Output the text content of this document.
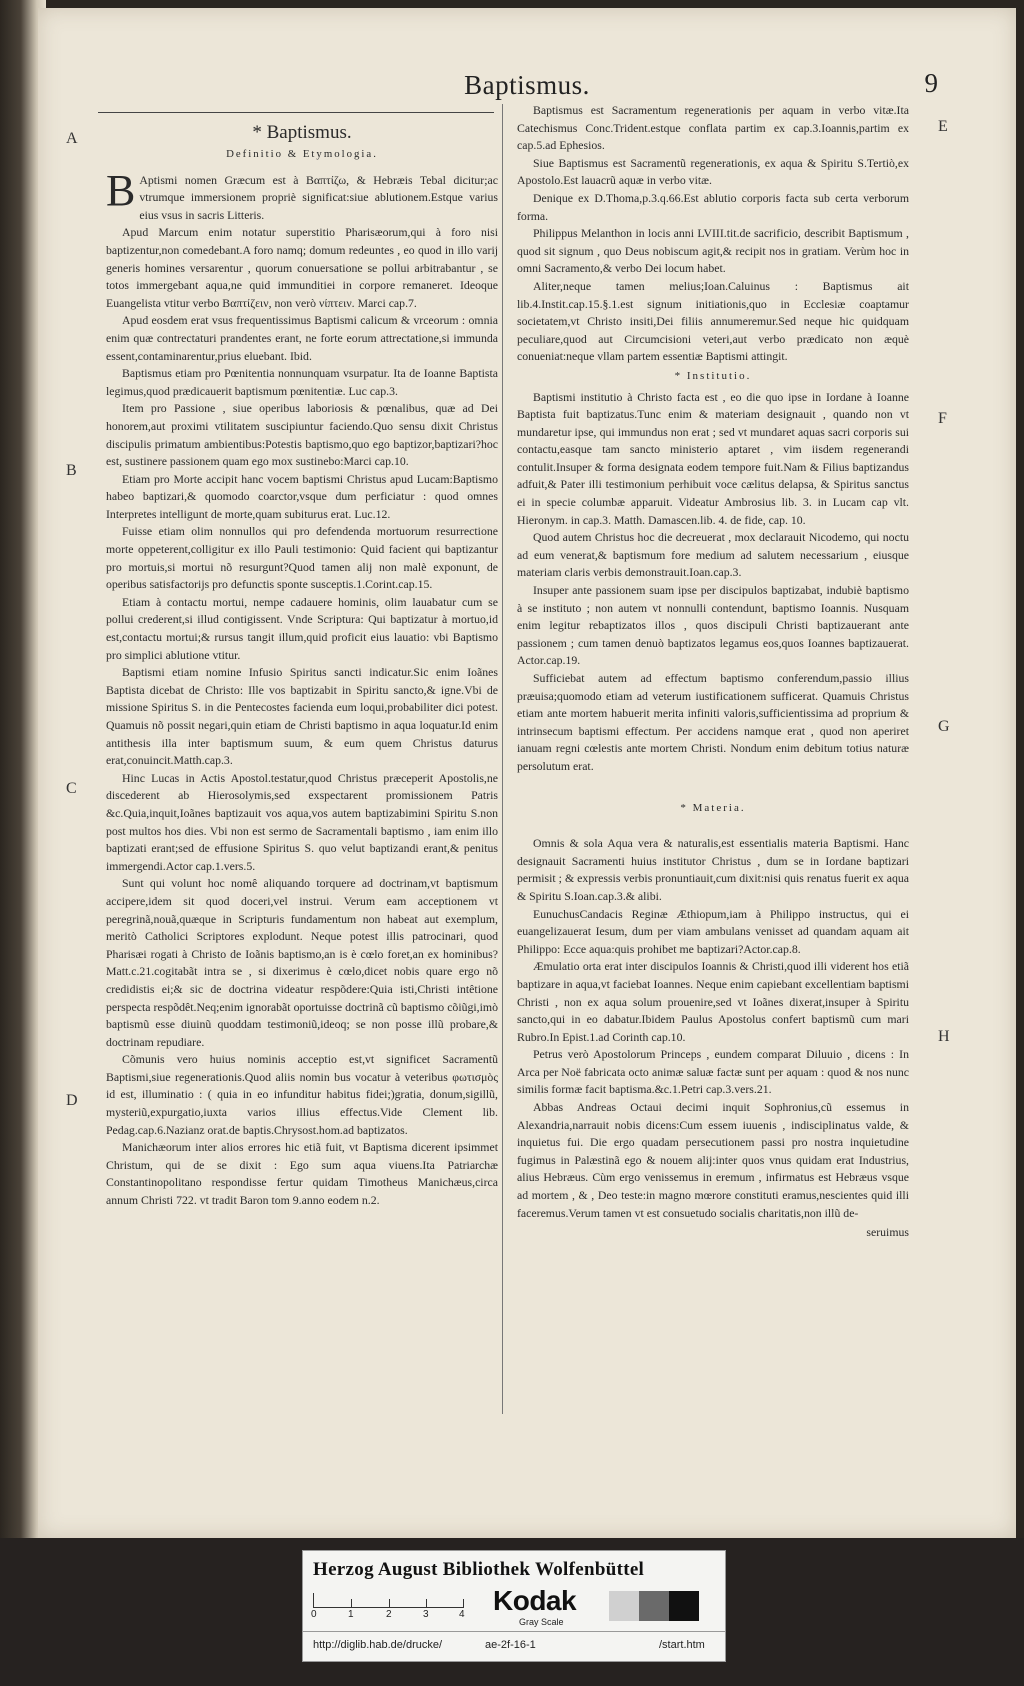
Baptismus.	9
A
B
C
D
E
F
G
H
* Baptismus.
Definitio & Etymologia.

B Aptismi nomen Græcum est à Βαπτίζω, & Hebræis Tebal dicitur;ac vtrumque immersionem propriè significat:siue ablutionem.Estque varius eius vsus in sacris Litteris.

Apud Marcum enim notatur superstitio Pharisæorum,qui à foro nisi baptizentur,non comedebant.A foro namq; domum redeuntes , eo quod in illo varij generis homines versarentur , quorum conuersatione se pollui arbitrabantur , se totos immergebant aqua,ne quid immunditiei in corpore remaneret. Ideoque Euangelista vtitur verbo Βαπτίζειν, non verò νίπτειν. Marci cap.7.

Apud eosdem erat vsus frequentissimus Baptismi calicum & vrceorum : omnia enim quæ contrectaturi prandentes erant, ne forte eorum attrectatione,si immunda essent,contaminarentur,prius eluebant. Ibid.

Baptismus etiam pro Pœnitentia nonnunquam vsurpatur. Ita de Ioanne Baptista legimus,quod prædicauerit baptismum pœnitentiæ. Luc cap.3.

Item pro Passione , siue operibus laboriosis & pœnalibus, quæ ad Dei honorem,aut proximi vtilitatem suscipiuntur faciendo.Quo sensu dixit Christus discipulis primatum ambientibus:Potestis baptismo,quo ego baptizor,baptizari?hoc est, sustinere passionem quam ego mox sustinebo:Marci cap.10.

Etiam pro Morte accipit hanc vocem baptismi Christus apud Lucam:Baptismo habeo baptizari,& quomodo coarctor,vsque dum perficiatur : quod omnes Interpretes intelligunt de morte,quam subiturus erat. Luc.12.

Fuisse etiam olim nonnullos qui pro defendenda mortuorum resurrectione morte oppeterent,colligitur ex illo Pauli testimonio: Quid facient qui baptizantur pro mortuis,si mortui nõ resurgunt?Quod tamen alij non malè exponunt, de operibus satisfactorijs pro defunctis sponte susceptis.1.Corint.cap.15.

Etiam à contactu mortui, nempe cadauere hominis, olim lauabatur cum se pollui crederent,si illud contigissent. Vnde Scriptura: Qui baptizatur à mortuo,id est,contactu mortui;& rursus tangit illum,quid proficit eius lauatio: vbi Baptismo pro simplici ablutione vtitur.

Baptismi etiam nomine Infusio Spiritus sancti indicatur.Sic enim Ioãnes Baptista dicebat de Christo: Ille vos baptizabit in Spiritu sancto,& igne.Vbi de missione Spiritus S. in die Pentecostes facienda eum loqui,probabiliter dici potest. Quamuis nõ possit negari,quin etiam de Christi baptismo in aqua loquatur.Id enim antithesis illa inter baptismum suum, & eum quem Christus daturus erat,conuincit.Matth.cap.3.

Hinc Lucas in Actis Apostol.testatur,quod Christus præceperit Apostolis,ne discederent ab Hierosolymis,sed exspectarent promissionem Patris &c.Quia,inquit,Ioãnes baptizauit vos aqua,vos autem baptizabimini Spiritu S.non post multos hos dies. Vbi non est sermo de Sacramentali baptismo , iam enim illo baptizati erant;sed de effusione Spiritus S. quo velut baptizandi erant,& penitus immergendi.Actor cap.1.vers.5.

Sunt qui volunt hoc nomê aliquando torquere ad doctrinam,vt baptismum accipere,idem sit quod doceri,vel instrui. Verum eam acceptionem vt peregrinã,nouã,quæque in Scripturis fundamentum non habeat aut exemplum, meritò Catholici Scriptores explodunt. Neque potest illis patrocinari, quod Pharisæi rogati à Christo de Ioãnis baptismo,an is è cœlo foret,an ex hominibus?Matt.c.21.cogitabãt intra se , si dixerimus è cœlo,dicet nobis quare ergo nõ credidistis ei;& sic de doctrina videatur respõdere:Quia isti,Christi intêtione perspecta respõdêt.Neq;enim ignorabãt oportuisse doctrinã cũ baptismo cõiũgi,imò baptismũ esse diuinũ quoddam testimoniũ,ideoq; se non posse illũ probare,& doctrinam repudiare.

Cõmunis vero huius nominis acceptio est,vt significet Sacramentũ Baptismi,siue regenerationis.Quod aliis nomin bus vocatur à veteribus φωτισμὸς id est, illuminatio : ( quia in eo infunditur habitus fidei;)gratia, donum,sigillũ, mysteriũ,expurgatio,iuxta varios illius effectus.Vide Clement lib. Pedag.cap.6.Nazianz orat.de baptis.Chrysost.hom.ad baptizatos.

Manichæorum inter alios errores hic etiã fuit, vt Baptisma dicerent ipsimmet Christum, qui de se dixit : Ego sum aqua viuens.Ita Patriarchæ Constantinopolitano respondisse fertur quidam Timotheus Manichæus,circa annum Christi 722. vt tradit Baron tom 9.anno eodem n.2.

Baptismus est Sacramentum regenerationis per aquam in verbo vitæ.Ita Catechismus Conc.Trident.estque conflata partim ex cap.3.Ioannis,partim ex cap.5.ad Ephesios.

Siue Baptismus est Sacramentũ regenerationis, ex aqua & Spiritu S.Tertiò,ex Apostolo.Est lauacrũ aquæ in verbo vitæ.

Denique ex D.Thoma,p.3.q.66.Est ablutio corporis facta sub certa verborum forma.

Philippus Melanthon in locis anni LVIII.tit.de sacrificio, describit Baptismum , quod sit signum , quo Deus nobiscum agit,& recipit nos in gratiam. Verùm hoc in omni Sacramento,& verbo Dei locum habet.

Aliter,neque tamen melius;Ioan.Caluinus : Baptismus ait lib.4.Instit.cap.15.§.1.est signum initiationis,quo in Ecclesiæ coaptamur societatem,vt Christo insiti,Dei filiis annumeremur.Sed neque hic quidquam peculiare,quod aut Circumcisioni veteri,aut verbo prædicato non æquè conueniat:neque vllam partem essentiæ Baptismi attingit.

* Institutio.

Baptismi institutio à Christo facta est , eo die quo ipse in Iordane à Ioanne Baptista fuit baptizatus.Tunc enim & materiam designauit , quando non vt mundaretur ipse, qui immundus non erat ; sed vt mundaret aquas sacri corporis sui contactu,easque tam sancto ministerio aptaret , vim iisdem regenerandi contulit.Insuper & forma designata eodem tempore fuit.Nam & Filius baptizandus adfuit,& Pater illi testimonium perhibuit voce cælitus delapsa, & Spiritus sanctus ei in specie columbæ apparuit. Videatur Ambrosius lib. 3. in Lucam cap vlt. Hieronym. in cap.3. Matth. Damascen.lib. 4. de fide, cap. 10.

Quod autem Christus hoc die decreuerat , mox declarauit Nicodemo, qui noctu ad eum venerat,& baptismum fore medium ad salutem necessarium , eiusque materiam claris verbis demonstrauit.Ioan.cap.3.

Insuper ante passionem suam ipse per discipulos baptizabat, indubiè baptismo à se instituto ; non autem vt nonnulli contendunt, baptismo Ioannis. Nusquam enim legitur rebaptizatos illos , quos discipuli Christi baptizauerant ante passionem ; cum tamen denuò baptizatos legamus eos,quos Ioannes baptizauerat. Actor.cap.19.

Sufficiebat autem ad effectum baptismo conferendum,passio illius præuisa;quomodo etiam ad veterum iustificationem sufficerat. Quamuis Christus etiam ante mortem habuerit merita infiniti valoris,sufficientissima ad proprium & intrinsecum baptismi effectum. Per accidens namque erat , quod non aperiret ianuam regni cœlestis ante mortem Christi. Nondum enim debitum totius naturæ persolutum erat.

* Materia.

Omnis & sola Aqua vera & naturalis,est essentialis materia Baptismi. Hanc designauit Sacramenti huius institutor Christus , dum se in Iordane baptizari permisit ; & expressis verbis pronuntiauit,cum dixit:nisi quis renatus fuerit ex aqua & Spiritu S.Ioan.cap.3.& alibi.

EunuchusCandacis Reginæ Æthiopum,iam à Philippo instructus, qui ei euangelizauerat Iesum, dum per viam ambulans venisset ad quandam aquam ait Philippo: Ecce aqua:quis prohibet me baptizari?Actor.cap.8.

Æmulatio orta erat inter discipulos Ioannis & Christi,quod illi viderent hos etiã baptizare in aqua,vt faciebat Ioannes. Neque enim capiebant excellentiam baptismi Christi , non ex aqua solum prouenire,sed vt Ioãnes dixerat,insuper à Spiritu sancto,qui in eo dabatur.Ibidem Paulus Apostolus confert baptismũ cum mari Rubro.In Epist.1.ad Corinth cap.10.

Petrus verò Apostolorum Princeps , eundem comparat Diluuio , dicens : In Arca per Noë fabricata octo animæ saluæ factæ sunt per aquam : quod & nos nunc similis formæ facit baptisma.&c.1.Petri cap.3.vers.21.

Abbas Andreas Octaui decimi inquit Sophronius,cũ essemus in Alexandria,narrauit nobis dicens:Cum essem iuuenis , indisciplinatus valde, & inquietus fui. Die ergo quadam persecutionem passi pro nostra inquietudine fugimus in Palæstinã ego & nouem alij:inter quos vnus quidam erat Industrius, alius Hebræus. Cùm ergo venissemus in eremum , infirmatus est Hebræus vsque ad mortem , & , Deo teste:in magno mœrore constituti eramus,nescientes quid illi faceremus.Verum tamen vt est consuetudo socialis charitatis,non illũ de-

seruimus
Herzog August Bibliothek Wolfenbüttel
0	1	2	3	4 Kodak
Gray Scale
http://diglib.hab.de/drucke/	ae-2f-16-1	/start.htm
